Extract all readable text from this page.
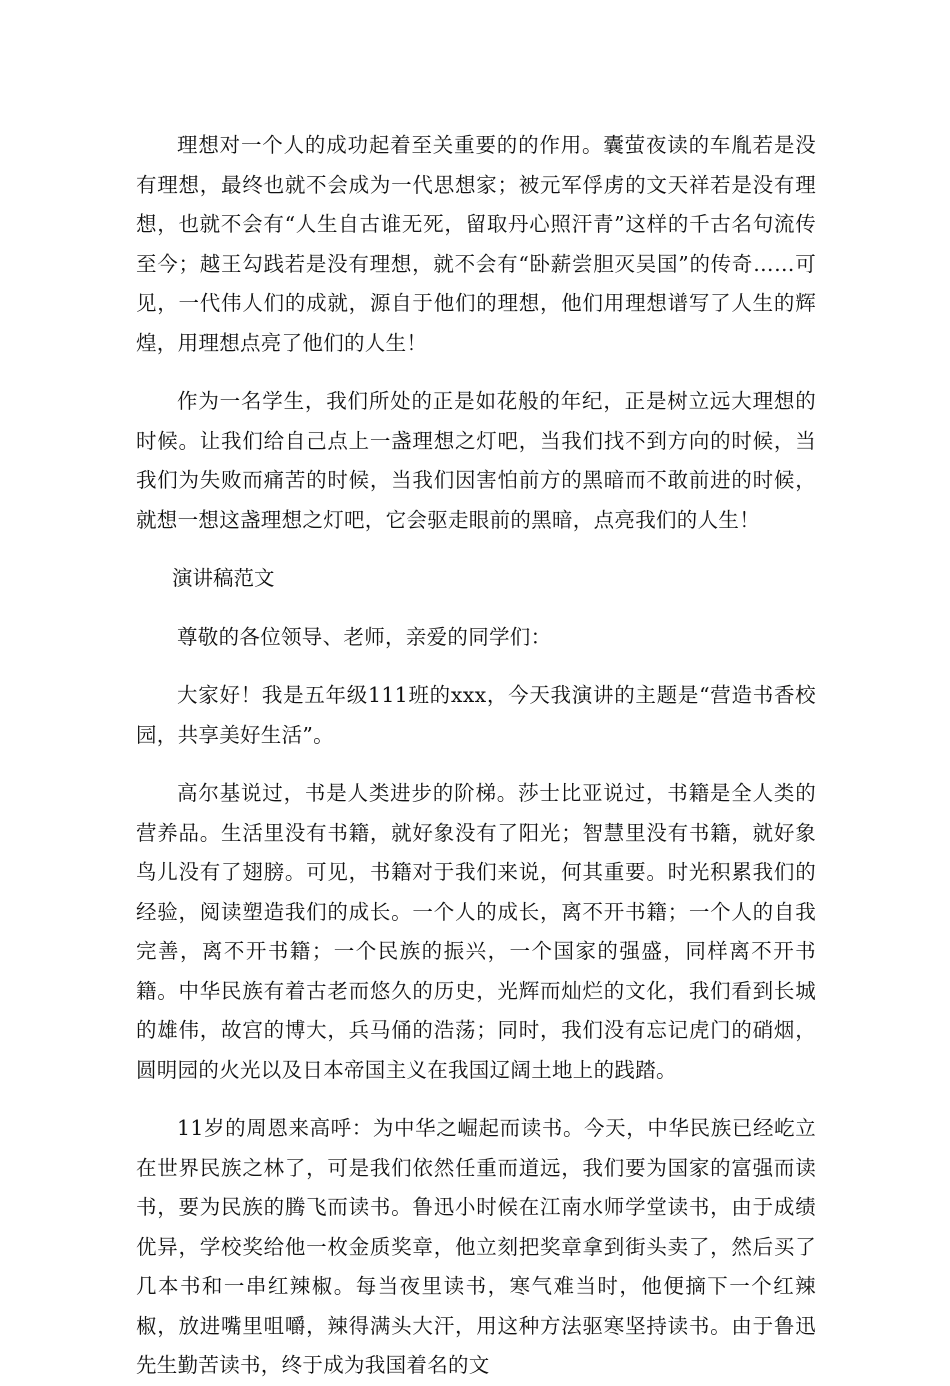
理想对一个人的成功起着至关重要的的作用。囊萤夜读的车胤若是没有理想，最终也就不会成为一代思想家；被元军俘虏的文天祥若是没有理想，也就不会有“人生自古谁无死，留取丹心照汗青”这样的千古名句流传至今；越王勾践若是没有理想，就不会有“卧薪尝胆灭吴国”的传奇……可见，一代伟人们的成就，源自于他们的理想，他们用理想谱写了人生的辉煌，用理想点亮了他们的人生！

作为一名学生，我们所处的正是如花般的年纪，正是树立远大理想的时候。让我们给自己点上一盏理想之灯吧，当我们找不到方向的时候，当我们为失败而痛苦的时候，当我们因害怕前方的黑暗而不敢前进的时候，就想一想这盏理想之灯吧，它会驱走眼前的黑暗，点亮我们的人生！

演讲稿范文

尊敬的各位领导、老师，亲爱的同学们：

大家好！我是五年级111班的xxx，今天我演讲的主题是“营造书香校园，共享美好生活”。

高尔基说过，书是人类进步的阶梯。莎士比亚说过，书籍是全人类的营养品。生活里没有书籍，就好象没有了阳光；智慧里没有书籍，就好象鸟儿没有了翅膀。可见，书籍对于我们来说，何其重要。时光积累我们的经验，阅读塑造我们的成长。一个人的成长，离不开书籍；一个人的自我完善，离不开书籍；一个民族的振兴，一个国家的强盛，同样离不开书籍。中华民族有着古老而悠久的历史，光辉而灿烂的文化，我们看到长城的雄伟，故宫的博大，兵马俑的浩荡；同时，我们没有忘记虎门的硝烟，圆明园的火光以及日本帝国主义在我国辽阔土地上的践踏。

11岁的周恩来高呼：为中华之崛起而读书。今天，中华民族已经屹立在世界民族之林了，可是我们依然任重而道远，我们要为国家的富强而读书，要为民族的腾飞而读书。鲁迅小时候在江南水师学堂读书，由于成绩优异，学校奖给他一枚金质奖章，他立刻把奖章拿到街头卖了，然后买了几本书和一串红辣椒。每当夜里读书，寒气难当时，他便摘下一个红辣椒，放进嘴里咀嚼，辣得满头大汗，用这种方法驱寒坚持读书。由于鲁迅先生勤苦读书，终于成为我国着名的文
